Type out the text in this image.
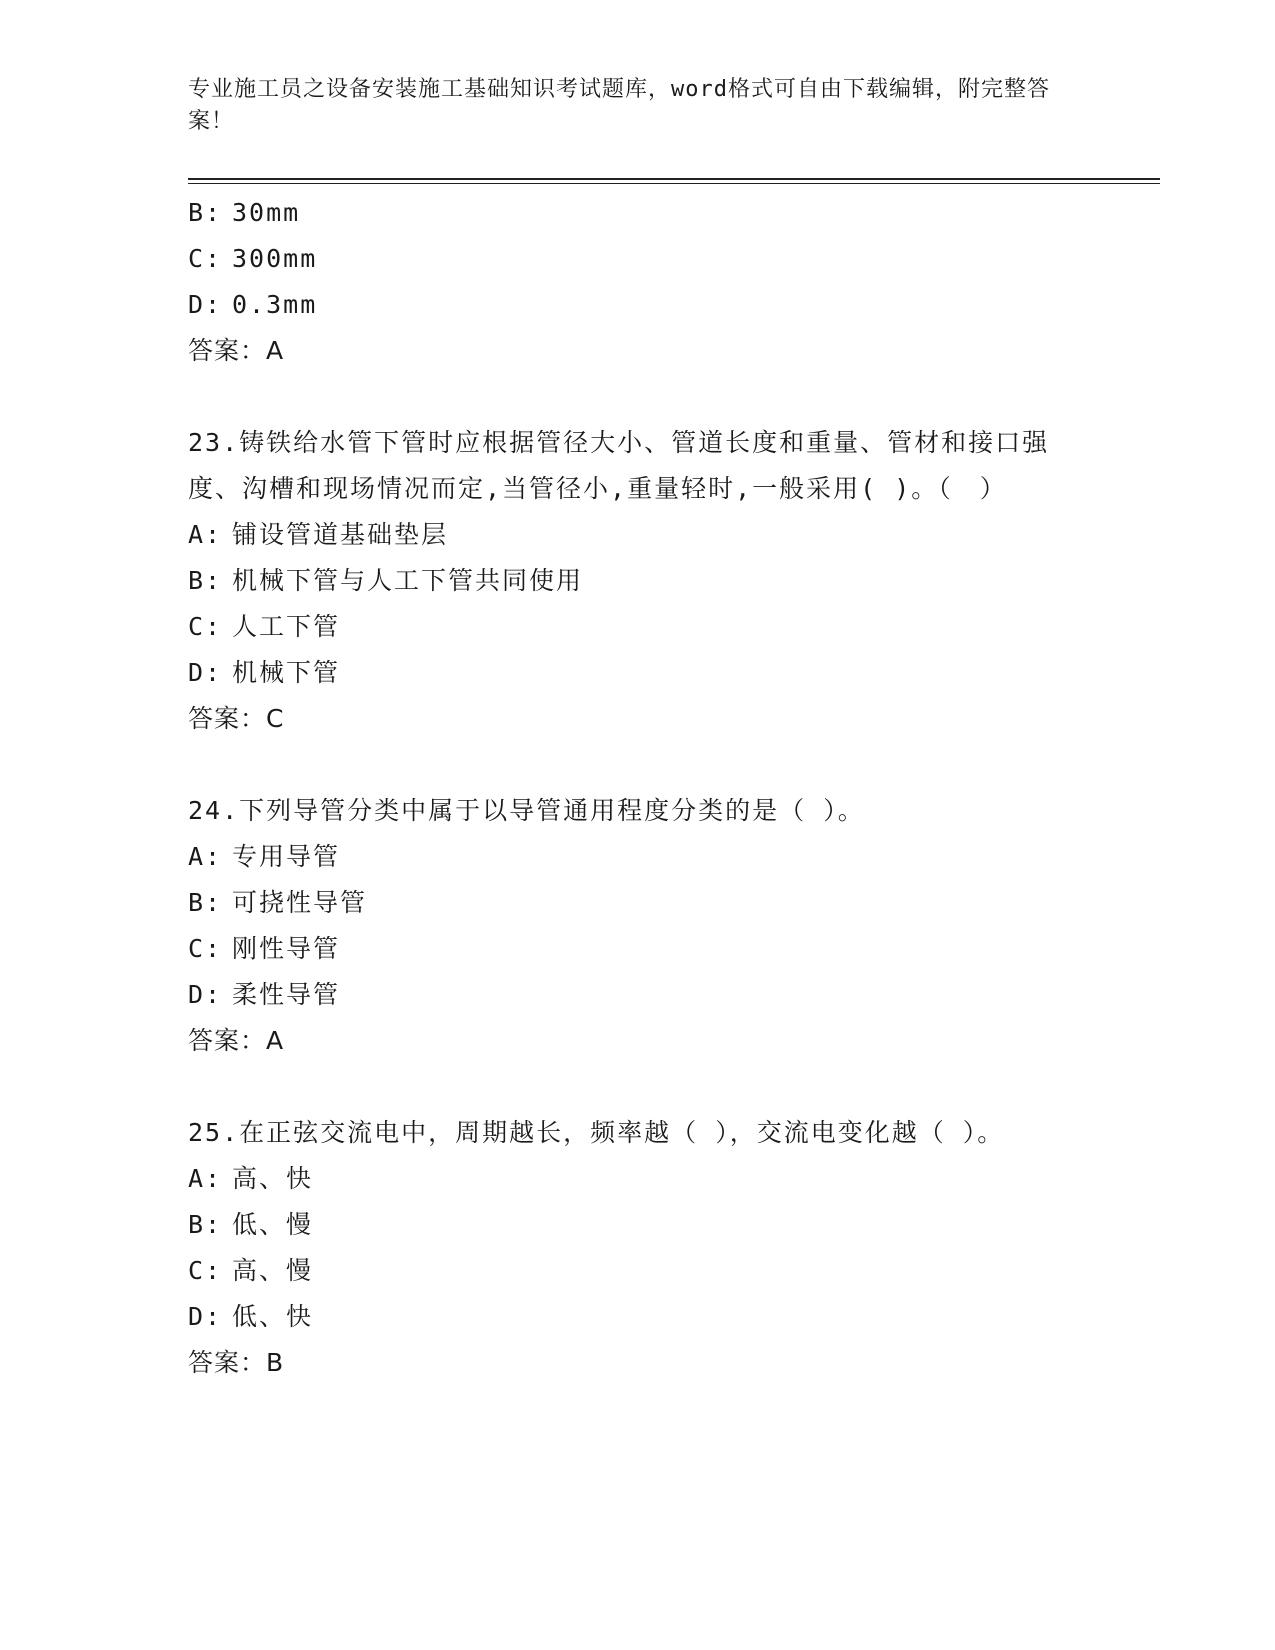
专业施工员之设备安装施工基础知识考试题库，word格式可自由下载编辑，附完整答案！
B: 30mm
C: 300mm
D: 0.3mm
答案：A
23.铸铁给水管下管时应根据管径大小、管道长度和重量、管材和接口强度、沟槽和现场情况而定,当管径小,重量轻时,一般采用( )。（　）
A: 铺设管道基础垫层
B: 机械下管与人工下管共同使用
C: 人工下管
D: 机械下管
答案：C
24.下列导管分类中属于以导管通用程度分类的是（ ）。
A: 专用导管
B: 可挠性导管
C: 刚性导管
D: 柔性导管
答案：A
25.在正弦交流电中，周期越长，频率越（ ），交流电变化越（ ）。
A: 高、快
B: 低、慢
C: 高、慢
D: 低、快
答案：B
